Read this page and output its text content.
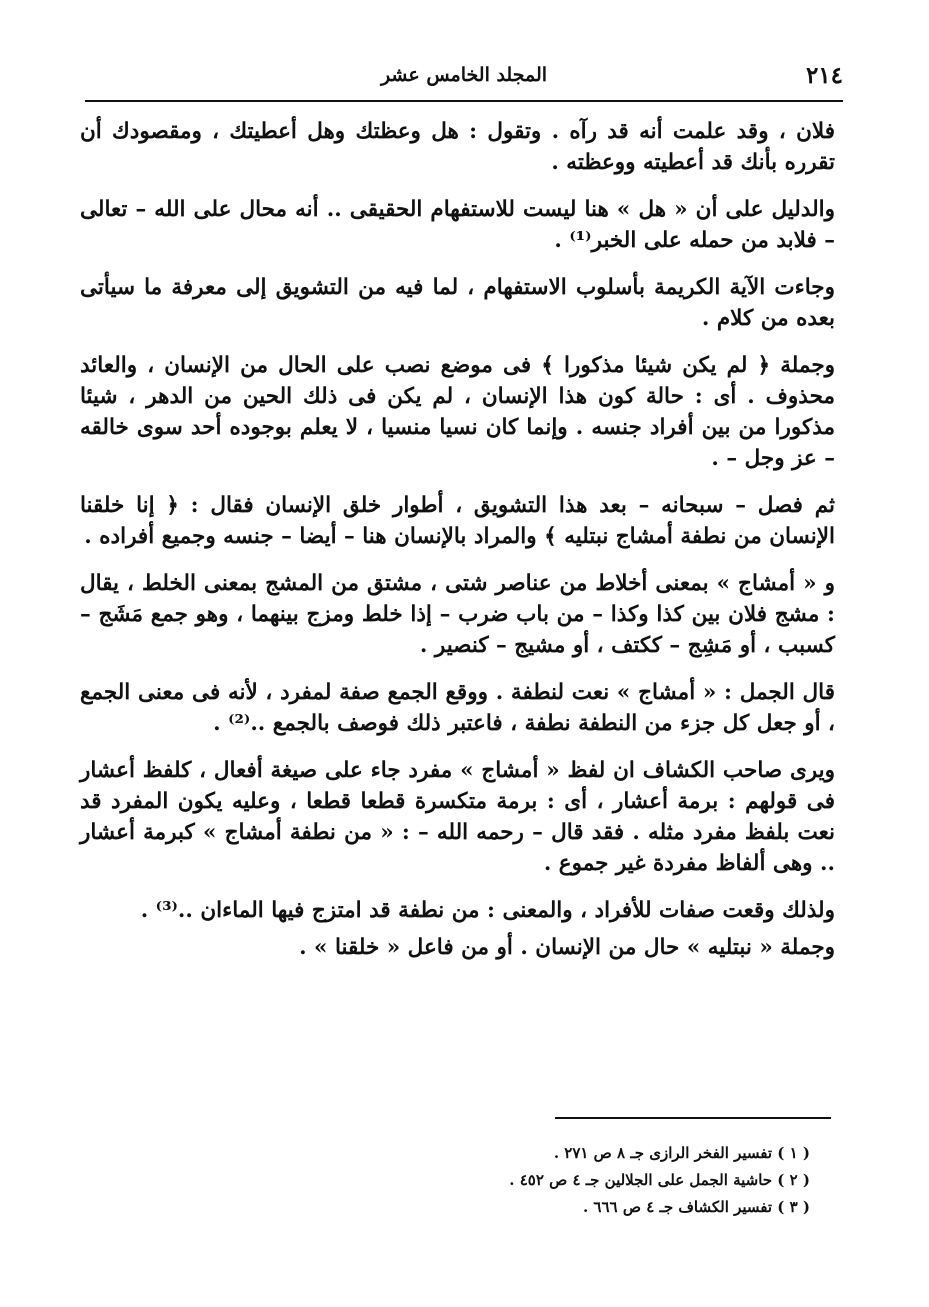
٢١٤
المجلد الخامس عشر

فلان ، وقد علمت أنه قد رآه . وتقول : هل وعظتك وهل أعطيتك ، ومقصودك أن تقرره بأنك قد أعطيته ووعظته .

والدليل على أن « هل » هنا ليست للاستفهام الحقيقى .. أنه محال على الله – تعالى – فلابد من حمله على الخبر⁽¹⁾ .

وجاءت الآية الكريمة بأسلوب الاستفهام ، لما فيه من التشويق إلى معرفة ما سيأتى بعده من كلام .

وجملة ﴿ لم يكن شيئا مذكورا ﴾ فى موضع نصب على الحال من الإنسان ، والعائد محذوف . أى : حالة كون هذا الإنسان ، لم يكن فى ذلك الحين من الدهر ، شيئا مذكورا من بين أفراد جنسه . وإنما كان نسيا منسيا ، لا يعلم بوجوده أحد سوى خالقه – عز وجل – .

ثم فصل – سبحانه – بعد هذا التشويق ، أطوار خلق الإنسان فقال : ﴿ إنا خلقنا الإنسان من نطفة أمشاج نبتليه ﴾ والمراد بالإنسان هنا – أيضا – جنسه وجميع أفراده .

و « أمشاج » بمعنى أخلاط من عناصر شتى ، مشتق من المشج بمعنى الخلط ، يقال : مشج فلان بين كذا وكذا – من باب ضرب – إذا خلط ومزج بينهما ، وهو جمع مَشَج – كسبب ، أو مَشِج – ككتف ، أو مشيج – كنصير .

قال الجمل : « أمشاج » نعت لنطفة . ووقع الجمع صفة لمفرد ، لأنه فى معنى الجمع ، أو جعل كل جزء من النطفة نطفة ، فاعتبر ذلك فوصف بالجمع ..⁽²⁾ .

ويرى صاحب الكشاف ان لفظ « أمشاج » مفرد جاء على صيغة أفعال ، كلفظ أعشار فى قولهم : برمة أعشار ، أى : برمة متكسرة قطعا قطعا ، وعليه يكون المفرد قد نعت بلفظ مفرد مثله . فقد قال – رحمه الله – : « من نطفة أمشاج » كبرمة أعشار .. وهى ألفاظ مفردة غير جموع .

ولذلك وقعت صفات للأفراد ، والمعنى : من نطفة قد امتزج فيها الماءان ..⁽³⁾ .

وجملة « نبتليه » حال من الإنسان . أو من فاعل « خلقنا » .

( ١ ) تفسير الفخر الرازى جـ ٨ ص ٢٧١ .
( ٢ ) حاشية الجمل على الجلالين جـ ٤ ص ٤٥٢ .
( ٣ ) تفسير الكشاف جـ ٤ ص ٦٦٦ .
